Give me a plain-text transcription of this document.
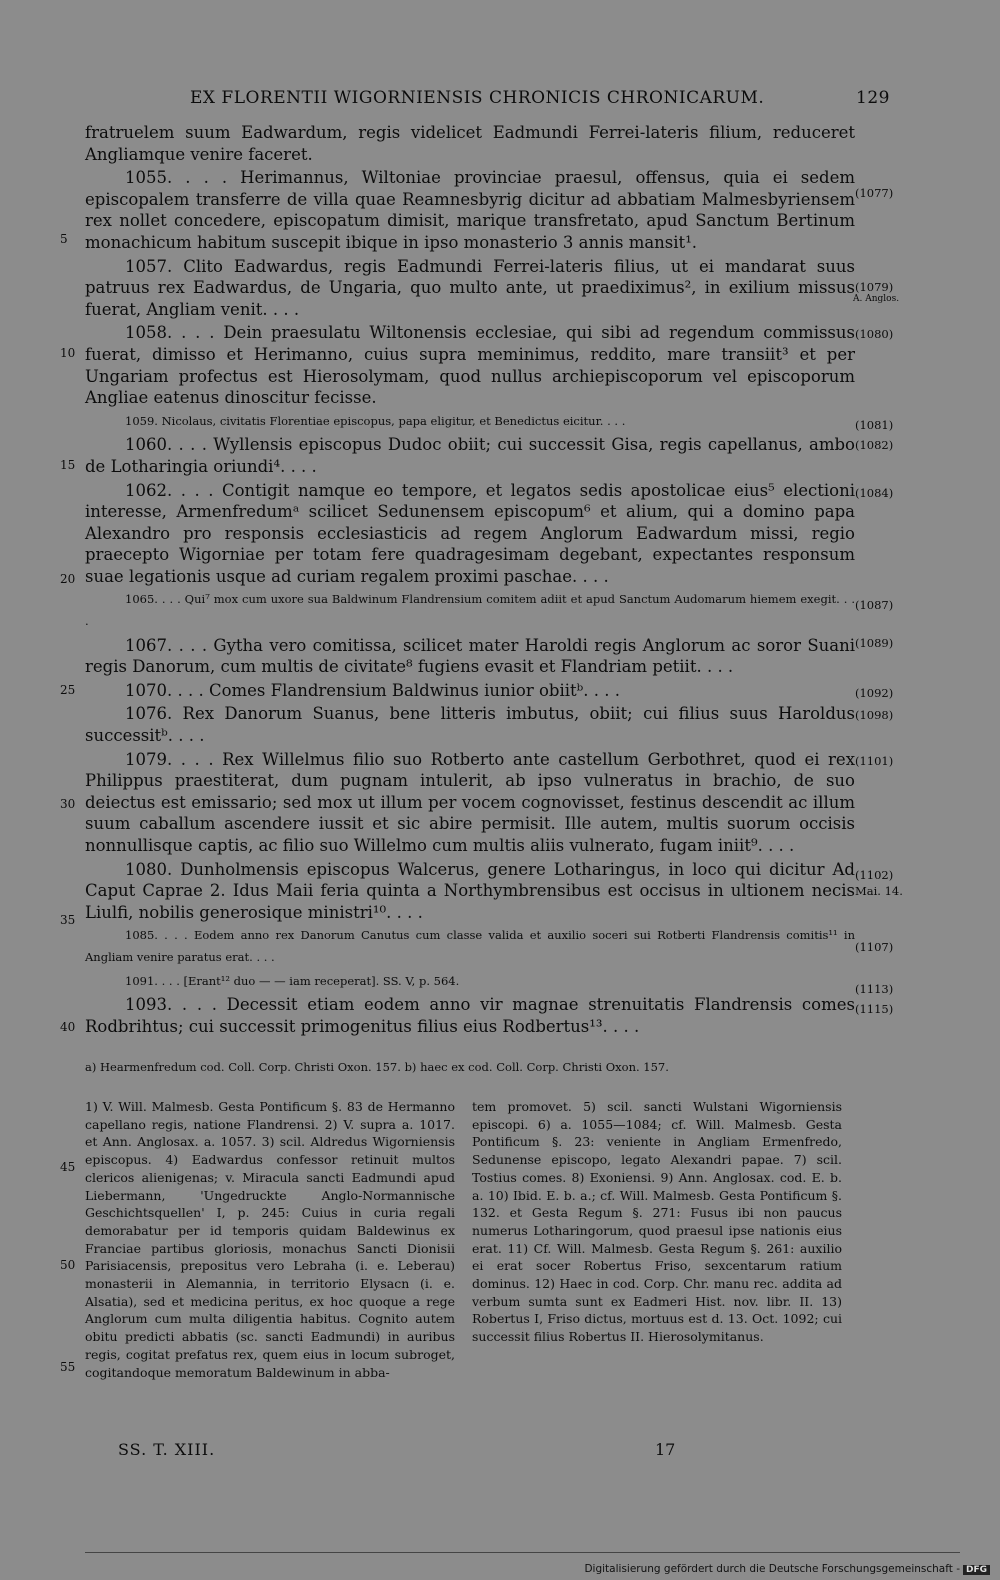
EX FLORENTII WIGORNIENSIS CHRONICIS CHRONICARUM.	129

fratruelem suum Eadwardum, regis videlicet Eadmundi Ferrei-lateris filium, reduceret Angliamque venire faceret.

1055. . . . Herimannus, Wiltoniae provinciae praesul, offensus, quia ei sedem episcopalem transferre de villa quae Reamnesbyrig dicitur ad abbatiam Malmesbyriensem rex nollet concedere, episcopatum dimisit, marique transfretato, apud Sanctum Bertinum monachicum habitum suscepit ibique in ipso monasterio 3 annis mansit¹.

1057. Clito Eadwardus, regis Eadmundi Ferrei-lateris filius, ut ei mandarat suus patruus rex Eadwardus, de Ungaria, quo multo ante, ut praediximus², in exilium missus fuerat, Angliam venit. . . .

1058. . . . Dein praesulatu Wiltonensis ecclesiae, qui sibi ad regendum commissus fuerat, dimisso et Herimanno, cuius supra meminimus, reddito, mare transiit³ et per Ungariam profectus est Hierosolymam, quod nullus archiepiscoporum vel episcoporum Angliae eatenus dinoscitur fecisse.

1059. Nicolaus, civitatis Florentiae episcopus, papa eligitur, et Benedictus eicitur. . . .

1060. . . . Wyllensis episcopus Dudoc obiit; cui successit Gisa, regis capellanus, ambo de Lotharingia oriundi⁴. . . .

1062. . . . Contigit namque eo tempore, et legatos sedis apostolicae eius⁵ electioni interesse, Armenfredumᵃ scilicet Sedunensem episcopum⁶ et alium, qui a domino papa Alexandro pro responsis ecclesiasticis ad regem Anglorum Eadwardum missi, regio praecepto Wigorniae per totam fere quadragesimam degebant, expectantes responsum suae legationis usque ad curiam regalem proximi paschae. . . .

1065. . . . Qui⁷ mox cum uxore sua Baldwinum Flandrensium comitem adiit et apud Sanctum Audomarum hiemem exegit. . . .

1067. . . . Gytha vero comitissa, scilicet mater Haroldi regis Anglorum ac soror Suani regis Danorum, cum multis de civitate⁸ fugiens evasit et Flandriam petiit. . . .

1070. . . . Comes Flandrensium Baldwinus iunior obiitᵇ. . . .

1076. Rex Danorum Suanus, bene litteris imbutus, obiit; cui filius suus Haroldus successitᵇ. . . .

1079. . . . Rex Willelmus filio suo Rotberto ante castellum Gerbothret, quod ei rex Philippus praestiterat, dum pugnam intulerit, ab ipso vulneratus in brachio, de suo deiectus est emissario; sed mox ut illum per vocem cognovisset, festinus descendit ac illum suum caballum ascendere iussit et sic abire permisit. Ille autem, multis suorum occisis nonnullisque captis, ac filio suo Willelmo cum multis aliis vulnerato, fugam iniit⁹. . . .

1080. Dunholmensis episcopus Walcerus, genere Lotharingus, in loco qui dicitur Ad Caput Caprae 2. Idus Maii feria quinta a Northymbrensibus est occisus in ultionem necis Liulfi, nobilis generosique ministri¹⁰. . . .

1085. . . . Eodem anno rex Danorum Canutus cum classe valida et auxilio soceri sui Rotberti Flandrensis comitis¹¹ in Angliam venire paratus erat. . . .

1091. . . . [Erant¹² duo — — iam receperat]. SS. V, p. 564.

1093. . . . Decessit etiam eodem anno vir magnae strenuitatis Flandrensis comes Rodbrihtus; cui successit primogenitus filius eius Rodbertus¹³. . . .

(1077)
(1079)
A. Anglos.
(1080)
(1081)
(1082)
(1084)
(1087)
(1089)
(1092)
(1098)
(1101)
(1102)
Mai. 14.
(1107)
(1113)
(1115)
5
10
15
20
25
30
35
40
45
50
55
a) Hearmenfredum cod. Coll. Corp. Christi Oxon. 157. b) haec ex cod. Coll. Corp. Christi Oxon. 157.
1) V. Will. Malmesb. Gesta Pontificum §. 83 de Hermanno capellano regis, natione Flandrensi. 2) V. supra a. 1017. et Ann. Anglosax. a. 1057. 3) scil. Aldredus Wigorniensis episcopus. 4) Eadwardus confessor retinuit multos clericos alienigenas; v. Miracula sancti Eadmundi apud Liebermann, 'Ungedruckte Anglo-Normannische Geschichtsquellen' I, p. 245: Cuius in curia regali demorabatur per id temporis quidam Baldewinus ex Franciae partibus gloriosis, monachus Sancti Dionisii Parisiacensis, prepositus vero Lebraha (i. e. Leberau) monasterii in Alemannia, in territorio Elysacn (i. e. Alsatia), sed et medicina peritus, ex hoc quoque a rege Anglorum cum multa diligentia habitus. Cognito autem obitu predicti abbatis (sc. sancti Eadmundi) in auribus regis, cogitat prefatus rex, quem eius in locum subroget, cogitandoque memoratum Baldewinum in abba-
tem promovet. 5) scil. sancti Wulstani Wigorniensis episcopi. 6) a. 1055—1084; cf. Will. Malmesb. Gesta Pontificum §. 23: veniente in Angliam Ermenfredo, Sedunense episcopo, legato Alexandri papae. 7) scil. Tostius comes. 8) Exoniensi. 9) Ann. Anglosax. cod. E. b. a. 10) Ibid. E. b. a.; cf. Will. Malmesb. Gesta Pontificum §. 132. et Gesta Regum §. 271: Fusus ibi non paucus numerus Lotharingorum, quod praesul ipse nationis eius erat. 11) Cf. Will. Malmesb. Gesta Regum §. 261: auxilio ei erat socer Robertus Friso, sexcentarum ratium dominus. 12) Haec in cod. Corp. Chr. manu rec. addita ad verbum sumta sunt ex Eadmeri Hist. nov. libr. II. 13) Robertus I, Friso dictus, mortuus est d. 13. Oct. 1092; cui successit filius Robertus II. Hierosolymitanus.
SS. T. XIII.	17
Digitalisierung gefördert durch die Deutsche Forschungsgemeinschaft - DFG
